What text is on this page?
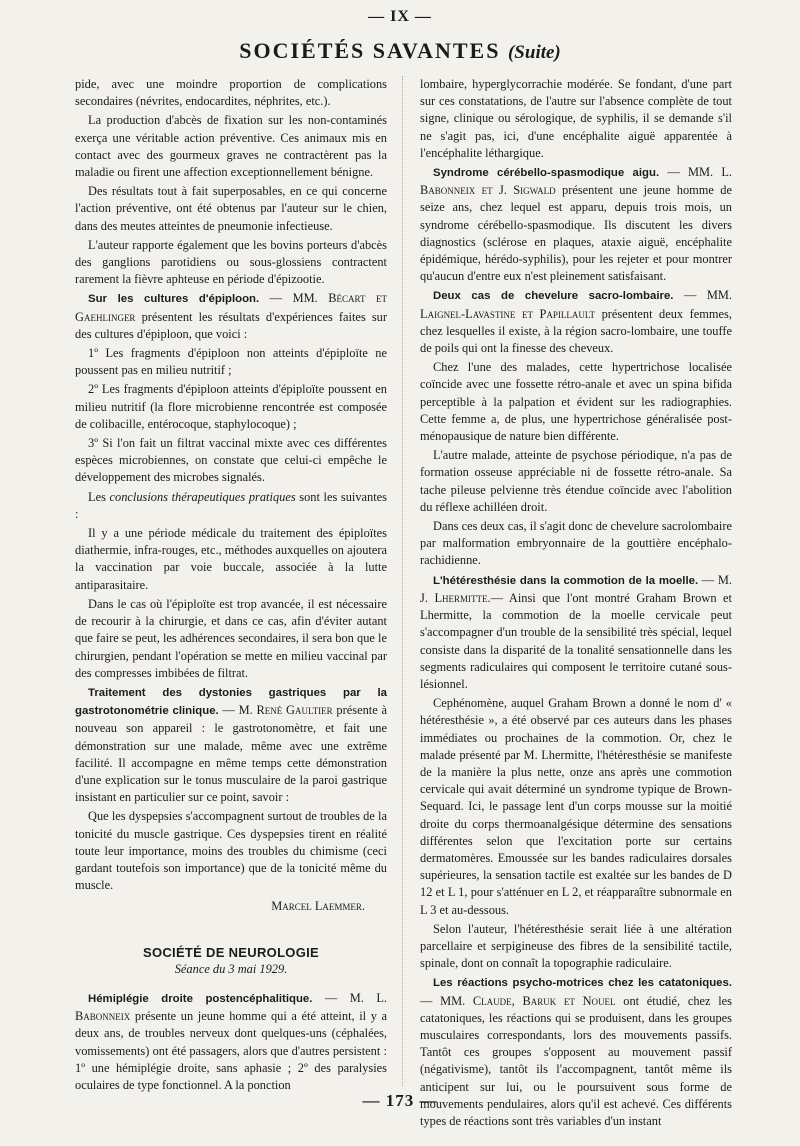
— IX —
SOCIÉTÉS SAVANTES (Suite)

pide, avec une moindre proportion de complications secondaires (névrites, endocardites, néphrites, etc.).

La production d'abcès de fixation sur les non-contaminés exerça une véritable action préventive. Ces animaux mis en contact avec des gourmeux graves ne contractèrent pas la maladie ou firent une affection exceptionnellement bénigne.

Des résultats tout à fait superposables, en ce qui concerne l'action préventive, ont été obtenus par l'auteur sur le chien, dans des meutes atteintes de pneumonie infectieuse.

L'auteur rapporte également que les bovins porteurs d'abcès des ganglions parotidiens ou sous-glossiens contractent rarement la fièvre aphteuse en période d'épizootie.

Sur les cultures d'épiploon. — MM. Bécart et Gaehlinger présentent les résultats d'expériences faites sur des cultures d'épiploon, que voici :

1º Les fragments d'épiploon non atteints d'épiploïte ne poussent pas en milieu nutritif ;

2º Les fragments d'épiploon atteints d'épiploïte poussent en milieu nutritif (la flore microbienne rencontrée est composée de colibacille, entérocoque, staphylocoque) ;

3º Si l'on fait un filtrat vaccinal mixte avec ces différentes espèces microbiennes, on constate que celui-ci empêche le développement des microbes signalés.

Les conclusions thérapeutiques pratiques sont les suivantes :

Il y a une période médicale du traitement des épiploïtes diathermie, infra-rouges, etc., méthodes auxquelles on ajoutera la vaccination par voie buccale, associée à la lutte antiparasitaire.

Dans le cas où l'épiploïte est trop avancée, il est nécessaire de recourir à la chirurgie, et dans ce cas, afin d'éviter autant que faire se peut, les adhérences secondaires, il sera bon que le chirurgien, pendant l'opération se mette en milieu vaccinal par des compresses imbibées de filtrat.

Traitement des dystonies gastriques par la gastrotonométrie clinique. — M. René Gaultier présente à nouveau son appareil : le gastrotonomètre, et fait une démonstration sur une malade, même avec une extrême facilité. Il accompagne en même temps cette démonstration d'une explication sur le tonus musculaire de la paroi gastrique insistant en particulier sur ce point, savoir :

Que les dyspepsies s'accompagnent surtout de troubles de la tonicité du muscle gastrique. Ces dyspepsies tirent en réalité toute leur importance, moins des troubles du chimisme (ceci gardant toutefois son importance) que de la tonicité même du muscle.

Marcel Laemmer.

SOCIÉTÉ DE NEUROLOGIE
Séance du 3 mai 1929.

Hémiplégie droite postencéphalitique. — M. L. Babonneix présente un jeune homme qui a été atteint, il y a deux ans, de troubles nerveux dont quelques-uns (céphalées, vomissements) ont été passagers, alors que d'autres persistent : 1º une hémiplégie droite, sans aphasie ; 2º des paralysies oculaires de type fonctionnel. A la ponction

lombaire, hyperglycorrachie modérée. Se fondant, d'une part sur ces constatations, de l'autre sur l'absence complète de tout signe, clinique ou sérologique, de syphilis, il se demande s'il ne s'agit pas, ici, d'une encéphalite aiguë apparentée à l'encéphalite léthargique.

Syndrome cérébello-spasmodique aigu. — MM. L. Babonneix et J. Sigwald présentent une jeune homme de seize ans, chez lequel est apparu, depuis trois mois, un syndrome cérébello-spasmodique. Ils discutent les divers diagnostics (sclérose en plaques, ataxie aiguë, encéphalite épidémique, hérédo-syphilis), pour les rejeter et pour montrer qu'aucun d'entre eux n'est pleinement satisfaisant.

Deux cas de chevelure sacro-lombaire. — MM. Laignel-Lavastine et Papillault présentent deux femmes, chez lesquelles il existe, à la région sacro-lombaire, une touffe de poils qui ont la finesse des cheveux.

Chez l'une des malades, cette hypertrichose localisée coïncide avec une fossette rétro-anale et avec un spina bifida perceptible à la palpation et évident sur les radiographies. Cette femme a, de plus, une hypertrichose généralisée post-ménopausique de nature bien différente.

L'autre malade, atteinte de psychose périodique, n'a pas de formation osseuse appréciable ni de fossette rétro-anale. Sa tache pileuse pelvienne très étendue coïncide avec l'abolition du réflexe achilléen droit.

Dans ces deux cas, il s'agit donc de chevelure sacrolombaire par malformation embryonnaire de la gouttière encéphalo-rachidienne.

L'hétéresthésie dans la commotion de la moelle. — M. J. Lhermitte.— Ainsi que l'ont montré Graham Brown et Lhermitte, la commotion de la moelle cervicale peut s'accompagner d'un trouble de la sensibilité très spécial, lequel consiste dans la disparité de la tonalité sensationnelle dans les segments radiculaires qui composent le territoire cutané sous-lésionnel.

Cephénomène, auquel Graham Brown a donné le nom d' « hétéresthésie », a été observé par ces auteurs dans les phases immédiates ou prochaines de la commotion. Or, chez le malade présenté par M. Lhermitte, l'hétéresthésie se manifeste de la manière la plus nette, onze ans après une commotion cervicale qui avait déterminé un syndrome typique de Brown-Sequard. Ici, le passage lent d'un corps mousse sur la moitié droite du corps thermoanalgésique détermine des sensations différentes selon que l'excitation porte sur certains dermatomères. Emoussée sur les bandes radiculaires dorsales supérieures, la sensation tactile est exaltée sur les bandes de D 12 et L 1, pour s'atténuer en L 2, et réapparaître subnormale en L 3 et au-dessous.

Selon l'auteur, l'hétéresthésie serait liée à une altération parcellaire et serpigineuse des fibres de la sensibilité tactile, spinale, dont on connaît la topographie radiculaire.

Les réactions psycho-motrices chez les catatoniques. — MM. Claude, Baruk et Nouel ont étudié, chez les catatoniques, les réactions qui se produisent, dans les groupes musculaires correspondants, lors des mouvements passifs. Tantôt ces groupes s'opposent au mouvement passif (négativisme), tantôt ils l'accompagnent, tantôt même ils anticipent sur lui, ou le poursuivent sous forme de mouvements pendulaires, alors qu'il est achevé. Ces différents types de réactions sont très variables d'un instant

— 173 —
